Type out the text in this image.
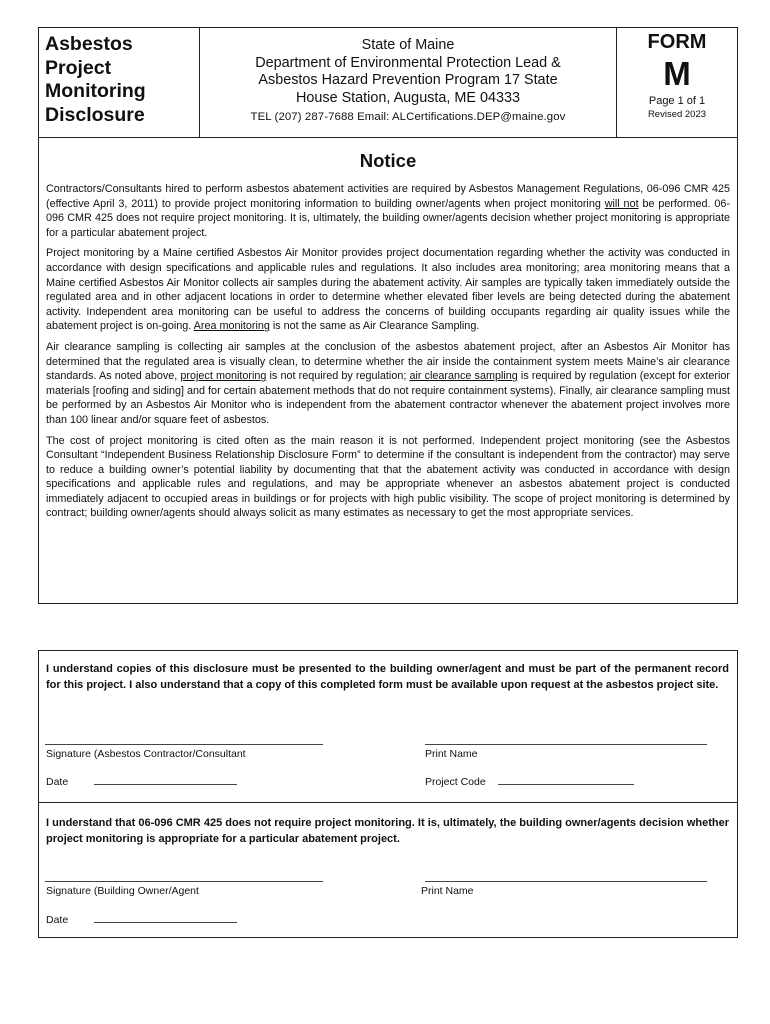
Asbestos
Project
Monitoring
Disclosure
State of Maine
Department of Environmental Protection Lead &
Asbestos Hazard Prevention Program 17 State
House Station, Augusta, ME 04333
TEL (207) 287-7688 Email: ALCertifications.DEP@maine.gov
FORM
M
Page 1 of 1
Revised 2023
Notice

Contractors/Consultants hired to perform asbestos abatement activities are required by Asbestos Management Regulations, 06-096 CMR 425 (effective April 3, 2011) to provide project monitoring information to building owner/agents when project monitoring will not be performed. 06-096 CMR 425 does not require project monitoring. It is, ultimately, the building owner/agents decision whether project monitoring is appropriate for a particular abatement project.

Project monitoring by a Maine certified Asbestos Air Monitor provides project documentation regarding whether the activity was conducted in accordance with design specifications and applicable rules and regulations. It also includes area monitoring; area monitoring means that a Maine certified Asbestos Air Monitor collects air samples during the abatement activity. Air samples are typically taken immediately outside the regulated area and in other adjacent locations in order to determine whether elevated fiber levels are being detected during the abatement activity. Independent area monitoring can be useful to address the concerns of building occupants regarding air quality issues while the abatement project is on-going. Area monitoring is not the same as Air Clearance Sampling.

Air clearance sampling is collecting air samples at the conclusion of the asbestos abatement project, after an Asbestos Air Monitor has determined that the regulated area is visually clean, to determine whether the air inside the containment system meets Maine’s air clearance standards. As noted above, project monitoring is not required by regulation; air clearance sampling is required by regulation (except for exterior materials [roofing and siding] and for certain abatement methods that do not require containment systems). Finally, air clearance sampling must be performed by an Asbestos Air Monitor who is independent from the abatement contractor whenever the abatement project involves more than 100 linear and/or square feet of asbestos.

The cost of project monitoring is cited often as the main reason it is not performed. Independent project monitoring (see the Asbestos Consultant “Independent Business Relationship Disclosure Form” to determine if the consultant is independent from the contractor) may serve to reduce a building owner’s potential liability by documenting that that the abatement activity was conducted in accordance with design specifications and applicable rules and regulations, and may be appropriate whenever an asbestos abatement project is conducted immediately adjacent to occupied areas in buildings or for projects with high public visibility. The scope of project monitoring is determined by contract; building owner/agents should always solicit as many estimates as necessary to get the most appropriate services.

I understand copies of this disclosure must be presented to the building owner/agent and must be part of the permanent record for this project. I also understand that a copy of this completed form must be available upon request at the asbestos project site.
Signature (Asbestos Contractor/Consultant	Print Name
Date	Project Code
I understand that 06-096 CMR 425 does not require project monitoring. It is, ultimately, the building owner/agents decision whether project monitoring is appropriate for a particular abatement project.
Signature (Building Owner/Agent	Print Name
Date
